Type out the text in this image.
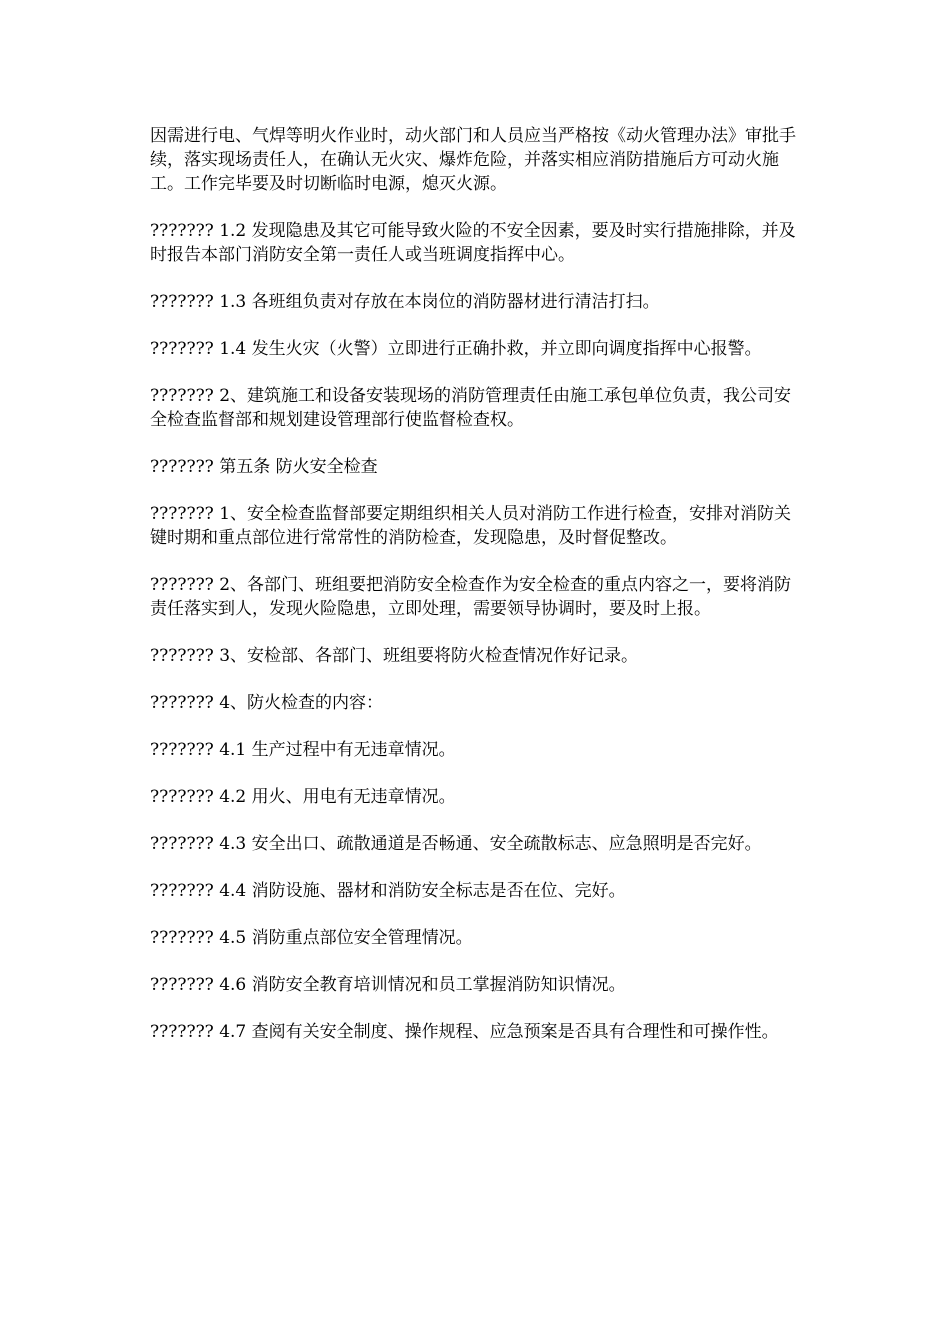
因需进行电、气焊等明火作业时，动火部门和人员应当严格按《动火管理办法》审批手续，落实现场责任人，在确认无火灾、爆炸危险，并落实相应消防措施后方可动火施工。工作完毕要及时切断临时电源，熄灭火源。

??????? 1.2 发现隐患及其它可能导致火险的不安全因素，要及时实行措施排除，并及时报告本部门消防安全第一责任人或当班调度指挥中心。

??????? 1.3 各班组负责对存放在本岗位的消防器材进行清洁打扫。

??????? 1.4 发生火灾（火警）立即进行正确扑救，并立即向调度指挥中心报警。

??????? 2、建筑施工和设备安装现场的消防管理责任由施工承包单位负责，我公司安全检查监督部和规划建设管理部行使监督检查权。

??????? 第五条 防火安全检查

??????? 1、安全检查监督部要定期组织相关人员对消防工作进行检查，安排对消防关键时期和重点部位进行常常性的消防检查，发现隐患，及时督促整改。

??????? 2、各部门、班组要把消防安全检查作为安全检查的重点内容之一，要将消防责任落实到人，发现火险隐患，立即处理，需要领导协调时，要及时上报。

??????? 3、安检部、各部门、班组要将防火检查情况作好记录。

??????? 4、防火检查的内容：

??????? 4.1 生产过程中有无违章情况。

??????? 4.2 用火、用电有无违章情况。

??????? 4.3 安全出口、疏散通道是否畅通、安全疏散标志、应急照明是否完好。

??????? 4.4 消防设施、器材和消防安全标志是否在位、完好。

??????? 4.5 消防重点部位安全管理情况。

??????? 4.6 消防安全教育培训情况和员工掌握消防知识情况。

??????? 4.7 查阅有关安全制度、操作规程、应急预案是否具有合理性和可操作性。
